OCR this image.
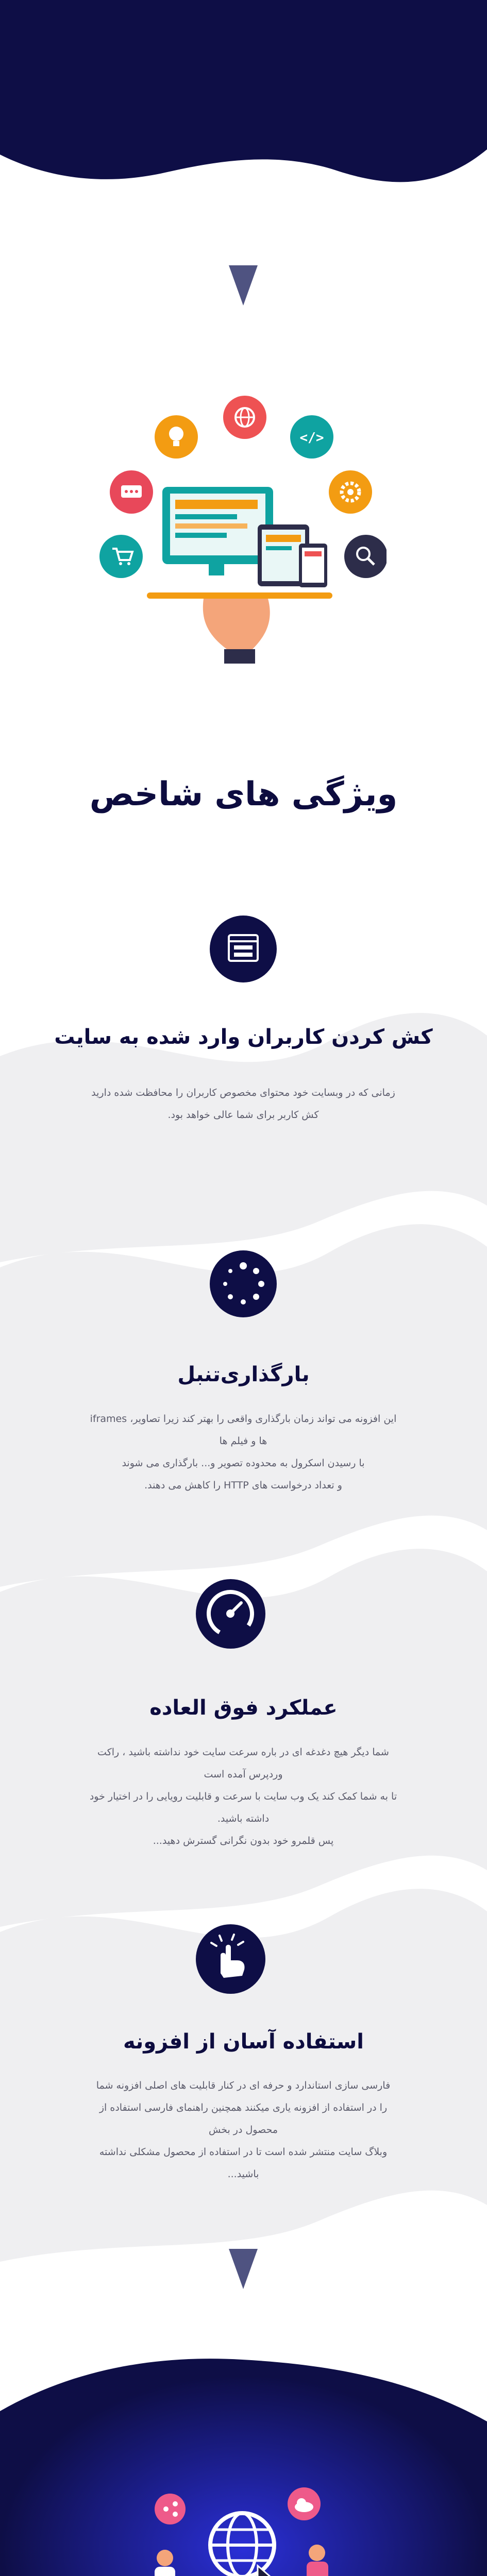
</>
ویژگی های شاخص
کش کردن کاربران وارد شده به سایت
زمانی که در وبسایت خود محتوای مخصوص کاربران را محافظت شده دارید
کش کاربر برای شما عالی خواهد بود.
بارگذاری‌تنبل
این افزونه می تواند زمان بارگذاری واقعی را بهتر کند زیرا تصاویر، iframes ها و فیلم ها
با رسیدن اسکرول به محدوده تصویر و... بارگذاری می شوند
و تعداد درخواست های HTTP را کاهش می دهند.
عملکرد فوق العاده
شما دیگر هیچ دغدغه ای در باره سرعت سایت خود نداشته باشید ، راکت وردپرس آمده است
تا به شما کمک کند یک وب سایت با سرعت و قابلیت رویایی را در اختیار خود داشته باشید.
پس قلمرو خود بدون نگرانی گسترش دهید...
استفاده آسان از افزونه
فارسی سازی استاندارد و حرفه ای در کنار قابلیت های اصلی افزونه شما
را در استفاده از افزونه یاری میکنند همچنین راهنمای فارسی استفاده از محصول در بخش
وبلاگ سایت منتشر شده است تا در استفاده از محصول مشکلی نداشته باشید...
